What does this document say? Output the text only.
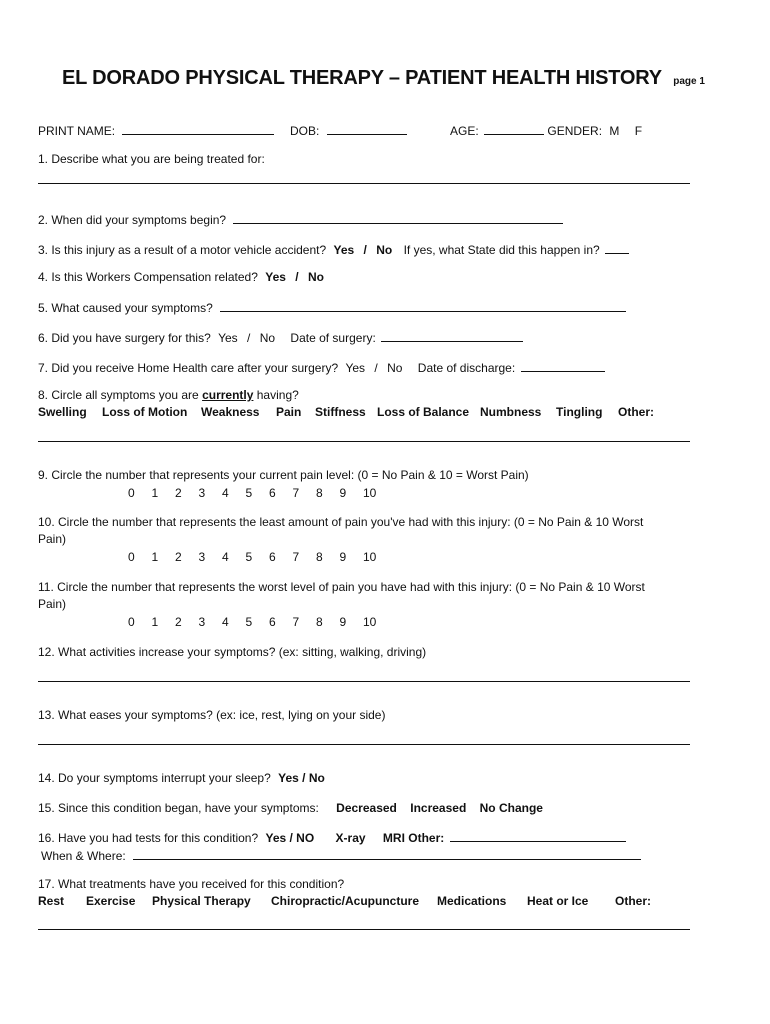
EL DORADO PHYSICAL THERAPY – PATIENT HEALTH HISTORY page 1
PRINT NAME:	DOB:	AGE:	GENDER: M F
1. Describe what you are being treated for:
2. When did your symptoms begin?
3. Is this injury as a result of a motor vehicle accident? Yes / No If yes, what State did this happen in?
4. Is this Workers Compensation related? Yes / No
5. What caused your symptoms?
6. Did you have surgery for this? Yes / No Date of surgery:
7. Did you receive Home Health care after your surgery? Yes / No Date of discharge:
8. Circle all symptoms you are currently having?
Swelling Loss of Motion Weakness Pain Stiffness Loss of Balance Numbness Tingling Other:
9. Circle the number that represents your current pain level: (0 = No Pain & 10 = Worst Pain)
0 1 2 3 4 5 6 7 8 9 10
10. Circle the number that represents the least amount of pain you've had with this injury: (0 = No Pain & 10 Worst
Pain)
0 1 2 3 4 5 6 7 8 9 10
11. Circle the number that represents the worst level of pain you have had with this injury: (0 = No Pain & 10 Worst
Pain)
0 1 2 3 4 5 6 7 8 9 10
12. What activities increase your symptoms? (ex: sitting, walking, driving)
13. What eases your symptoms? (ex: ice, rest, lying on your side)
14. Do your symptoms interrupt your sleep? Yes / No
15. Since this condition began, have your symptoms: Decreased Increased No Change
16. Have you had tests for this condition? Yes / NO X-ray MRI Other:
When & Where:
17. What treatments have you received for this condition?
Rest Exercise Physical Therapy Chiropractic/Acupuncture Medications Heat or Ice Other:
